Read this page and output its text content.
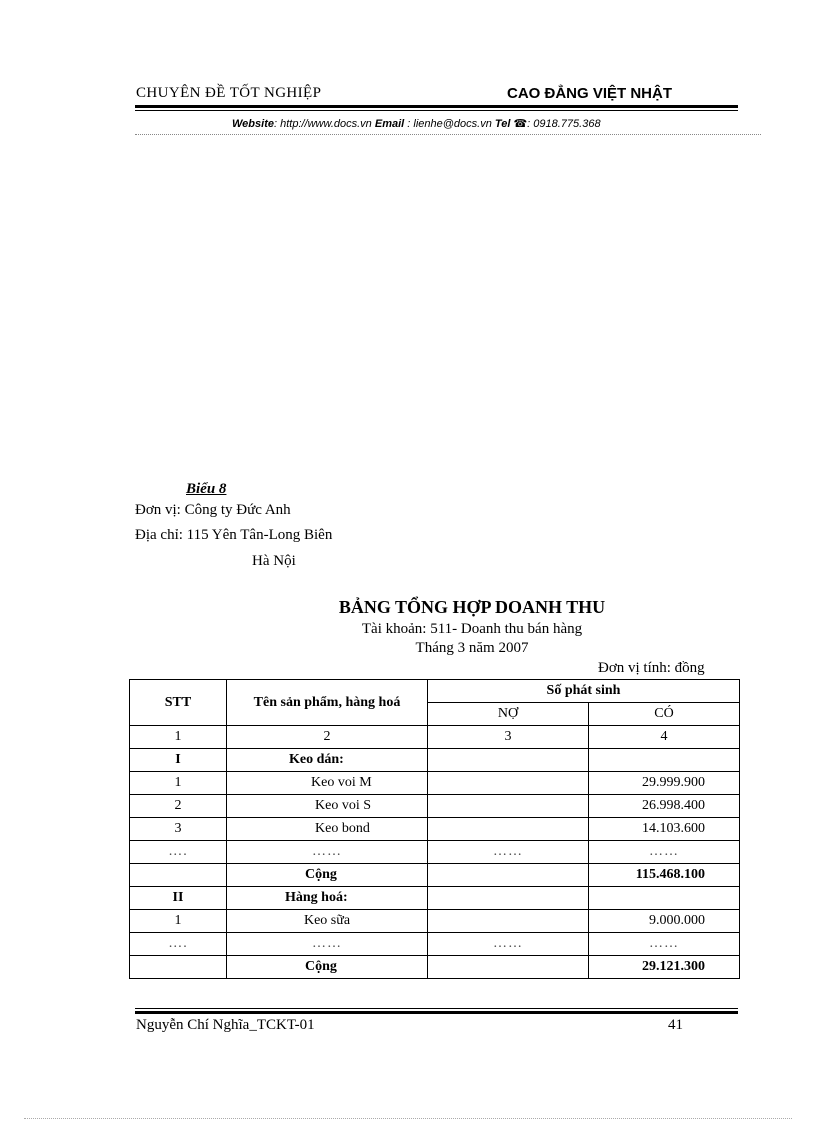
CHUYÊN ĐỀ TỐT NGHIỆP	CAO ĐẲNG VIỆT NHẬT
Website: http://www.docs.vn Email : lienhe@docs.vn Tel ☎: 0918.775.368
Biểu 8
Đơn vị: Công ty Đức Anh
Địa chỉ: 115 Yên Tân-Long Biên
Hà Nội
BẢNG TỔNG HỢP DOANH THU
Tài khoản: 511- Doanh thu bán hàng
Tháng 3 năm 2007
Đơn vị tính: đồng
STT	Tên sản phẩm, hàng hoá	Số phát sinh	
		NỢ	CÓ
1	2	3	4
I	Keo dán:		
1	Keo voi M		29.999.900
2	Keo voi S		26.998.400
3	Keo bond		14.103.600
….	……	……	……
	Cộng		115.468.100
II	Hàng hoá:		
1	Keo sữa		9.000.000
….	……	……	……
	Cộng		29.121.300
Nguyễn Chí Nghĩa_TCKT-01	41
